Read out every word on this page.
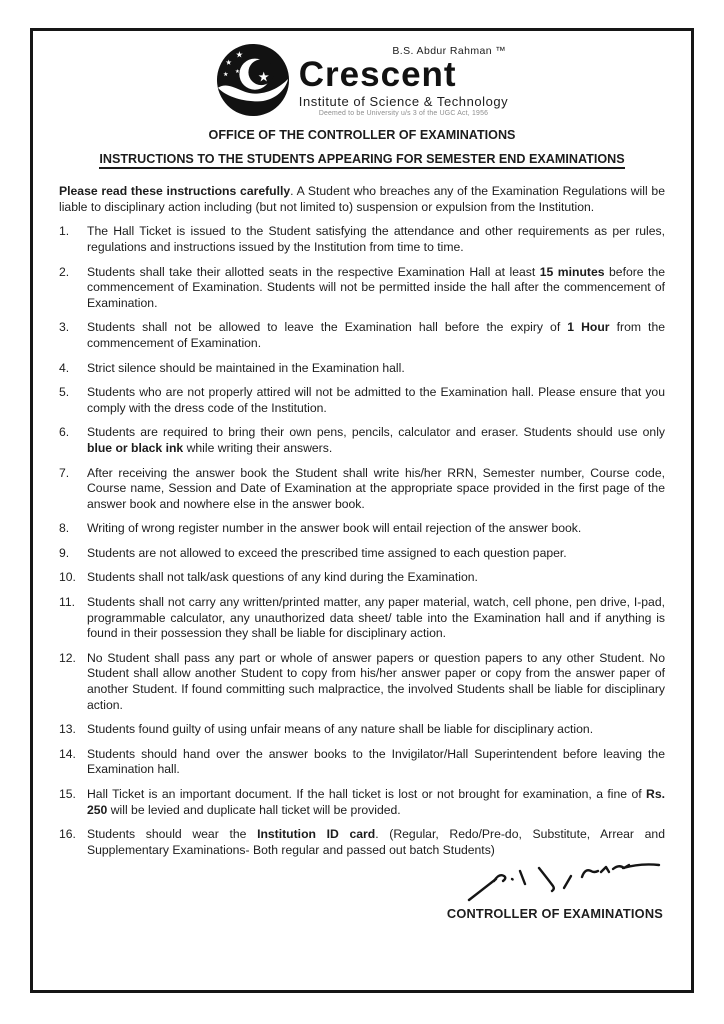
B.S. Abdur Rahman ™
Crescent
Institute of Science & Technology
Deemed to be University u/s 3 of the UGC Act, 1956
OFFICE OF THE CONTROLLER OF EXAMINATIONS
INSTRUCTIONS TO THE STUDENTS APPEARING FOR SEMESTER END EXAMINATIONS

Please read these instructions carefully. A Student who breaches any of the Examination Regulations will be liable to disciplinary action including (but not limited to) suspension or expulsion from the Institution.

1.	The Hall Ticket is issued to the Student satisfying the attendance and other requirements as per rules, regulations and instructions issued by the Institution from time to time.
2.	Students shall take their allotted seats in the respective Examination Hall at least 15 minutes before the commencement of Examination. Students will not be permitted inside the hall after the commencement of Examination.
3.	Students shall not be allowed to leave the Examination hall before the expiry of 1 Hour from the commencement of Examination.
4.	Strict silence should be maintained in the Examination hall.
5.	Students who are not properly attired will not be admitted to the Examination hall. Please ensure that you comply with the dress code of the Institution.
6.	Students are required to bring their own pens, pencils, calculator and eraser. Students should use only blue or black ink while writing their answers.
7.	After receiving the answer book the Student shall write his/her RRN, Semester number, Course code, Course name, Session and Date of Examination at the appropriate space provided in the first page of the answer book and nowhere else in the answer book.
8.	Writing of wrong register number in the answer book will entail rejection of the answer book.
9.	Students are not allowed to exceed the prescribed time assigned to each question paper.
10. Students shall not talk/ask questions of any kind during the Examination.
11. Students shall not carry any written/printed matter, any paper material, watch, cell phone, pen drive, I-pad, programmable calculator, any unauthorized data sheet/ table into the Examination hall and if anything is found in their possession they shall be liable for disciplinary action.
12. No Student shall pass any part or whole of answer papers or question papers to any other Student. No Student shall allow another Student to copy from his/her answer paper or copy from the answer paper of another Student. If found committing such malpractice, the involved Students shall be liable for disciplinary action.
13. Students found guilty of using unfair means of any nature shall be liable for disciplinary action.
14. Students should hand over the answer books to the Invigilator/Hall Superintendent before leaving the Examination hall.
15. Hall Ticket is an important document. If the hall ticket is lost or not brought for examination, a fine of Rs. 250 will be levied and duplicate hall ticket will be provided.
16. Students should wear the Institution ID card. (Regular, Redo/Pre-do, Substitute, Arrear and Supplementary Examinations- Both regular and passed out batch Students)
CONTROLLER OF EXAMINATIONS
